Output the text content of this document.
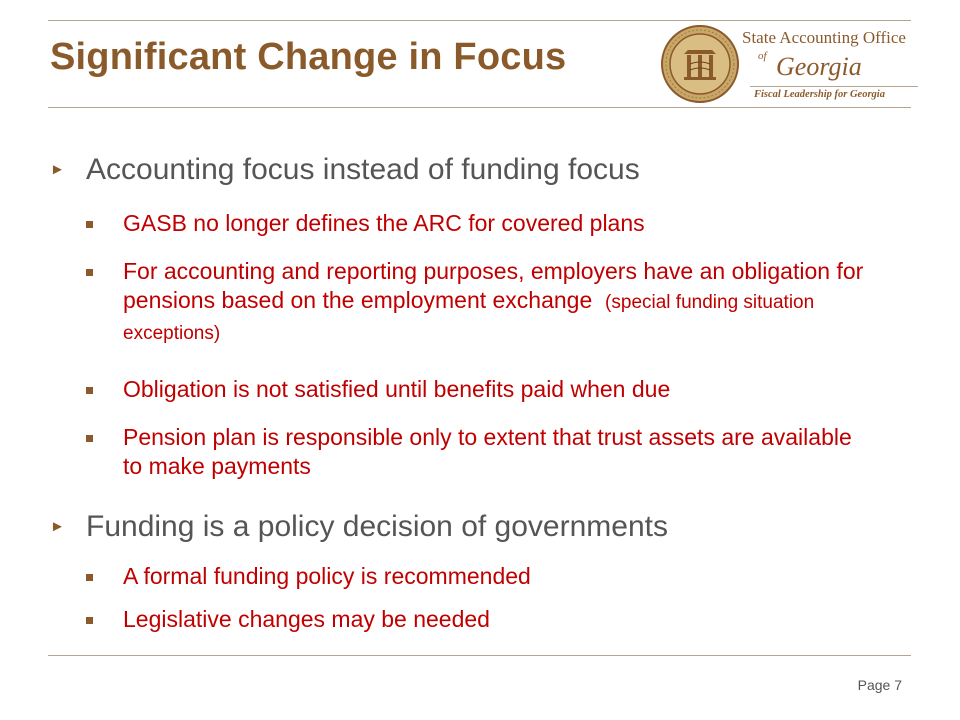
Significant Change in Focus	State Accounting Office
of Georgia
Fiscal Leadership for Georgia
► Accounting focus instead of funding focus
GASB no longer defines the ARC for covered plans
For accounting and reporting purposes, employers have an obligation for pensions based on the employment exchange (special funding situation exceptions)
Obligation is not satisfied until benefits paid when due
Pension plan is responsible only to extent that trust assets are available to make payments
► Funding is a policy decision of governments
A formal funding policy is recommended
Legislative changes may be needed
Page 7
